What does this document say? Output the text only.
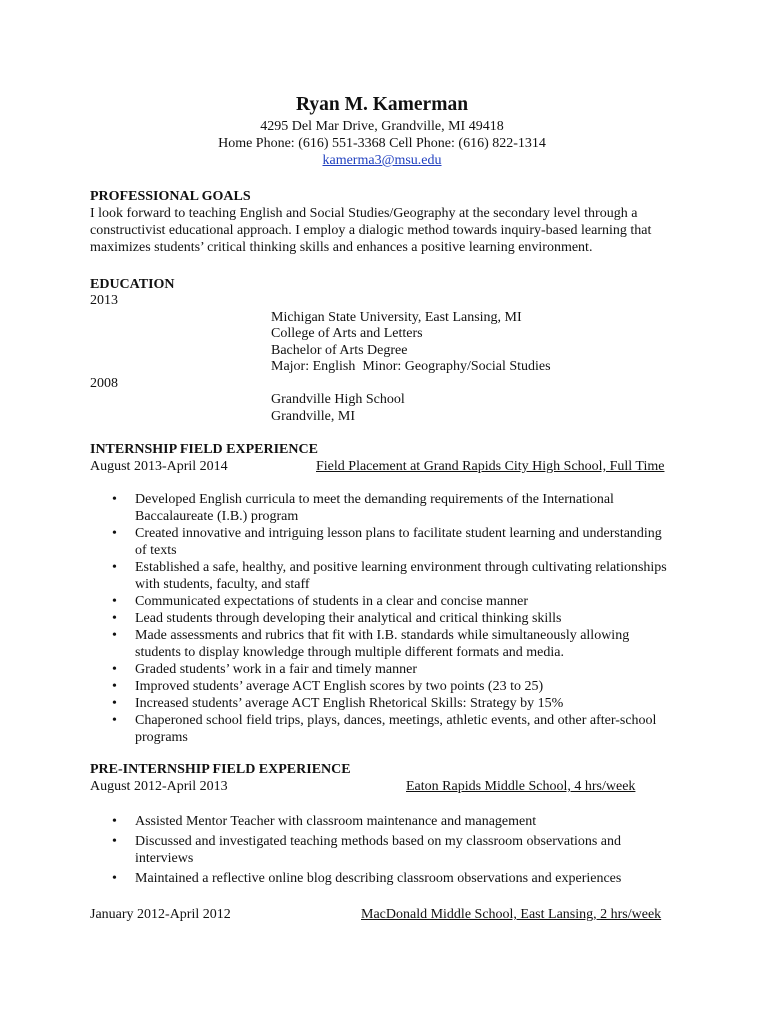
Ryan M. Kamerman
4295 Del Mar Drive, Grandville, MI 49418
Home Phone: (616) 551-3368 Cell Phone: (616) 822-1314
kamerma3@msu.edu
PROFESSIONAL GOALS

I look forward to teaching English and Social Studies/Geography at the secondary level through a constructivist educational approach. I employ a dialogic method towards inquiry-based learning that maximizes students’ critical thinking skills and enhances a positive learning environment.

EDUCATION
2013
Michigan State University, East Lansing, MI
College of Arts and Letters
Bachelor of Arts Degree
Major: English  Minor: Geography/Social Studies
2008
Grandville High School
Grandville, MI
INTERNSHIP FIELD EXPERIENCE
August 2013-April 2014	Field Placement at Grand Rapids City High School, Full Time
• Developed English curricula to meet the demanding requirements of the International Baccalaureate (I.B.) program
• Created innovative and intriguing lesson plans to facilitate student learning and understanding of texts
• Established a safe, healthy, and positive learning environment through cultivating relationships with students, faculty, and staff
• Communicated expectations of students in a clear and concise manner
• Lead students through developing their analytical and critical thinking skills
• Made assessments and rubrics that fit with I.B. standards while simultaneously allowing students to display knowledge through multiple different formats and media.
• Graded students’ work in a fair and timely manner
• Improved students’ average ACT English scores by two points (23 to 25)
• Increased students’ average ACT English Rhetorical Skills: Strategy by 15%
• Chaperoned school field trips, plays, dances, meetings, athletic events, and other after-school programs
PRE-INTERNSHIP FIELD EXPERIENCE
August 2012-April 2013	Eaton Rapids Middle School, 4 hrs/week
• Assisted Mentor Teacher with classroom maintenance and management
• Discussed and investigated teaching methods based on my classroom observations and interviews
• Maintained a reflective online blog describing classroom observations and experiences
January 2012-April 2012	MacDonald Middle School, East Lansing, 2 hrs/week
